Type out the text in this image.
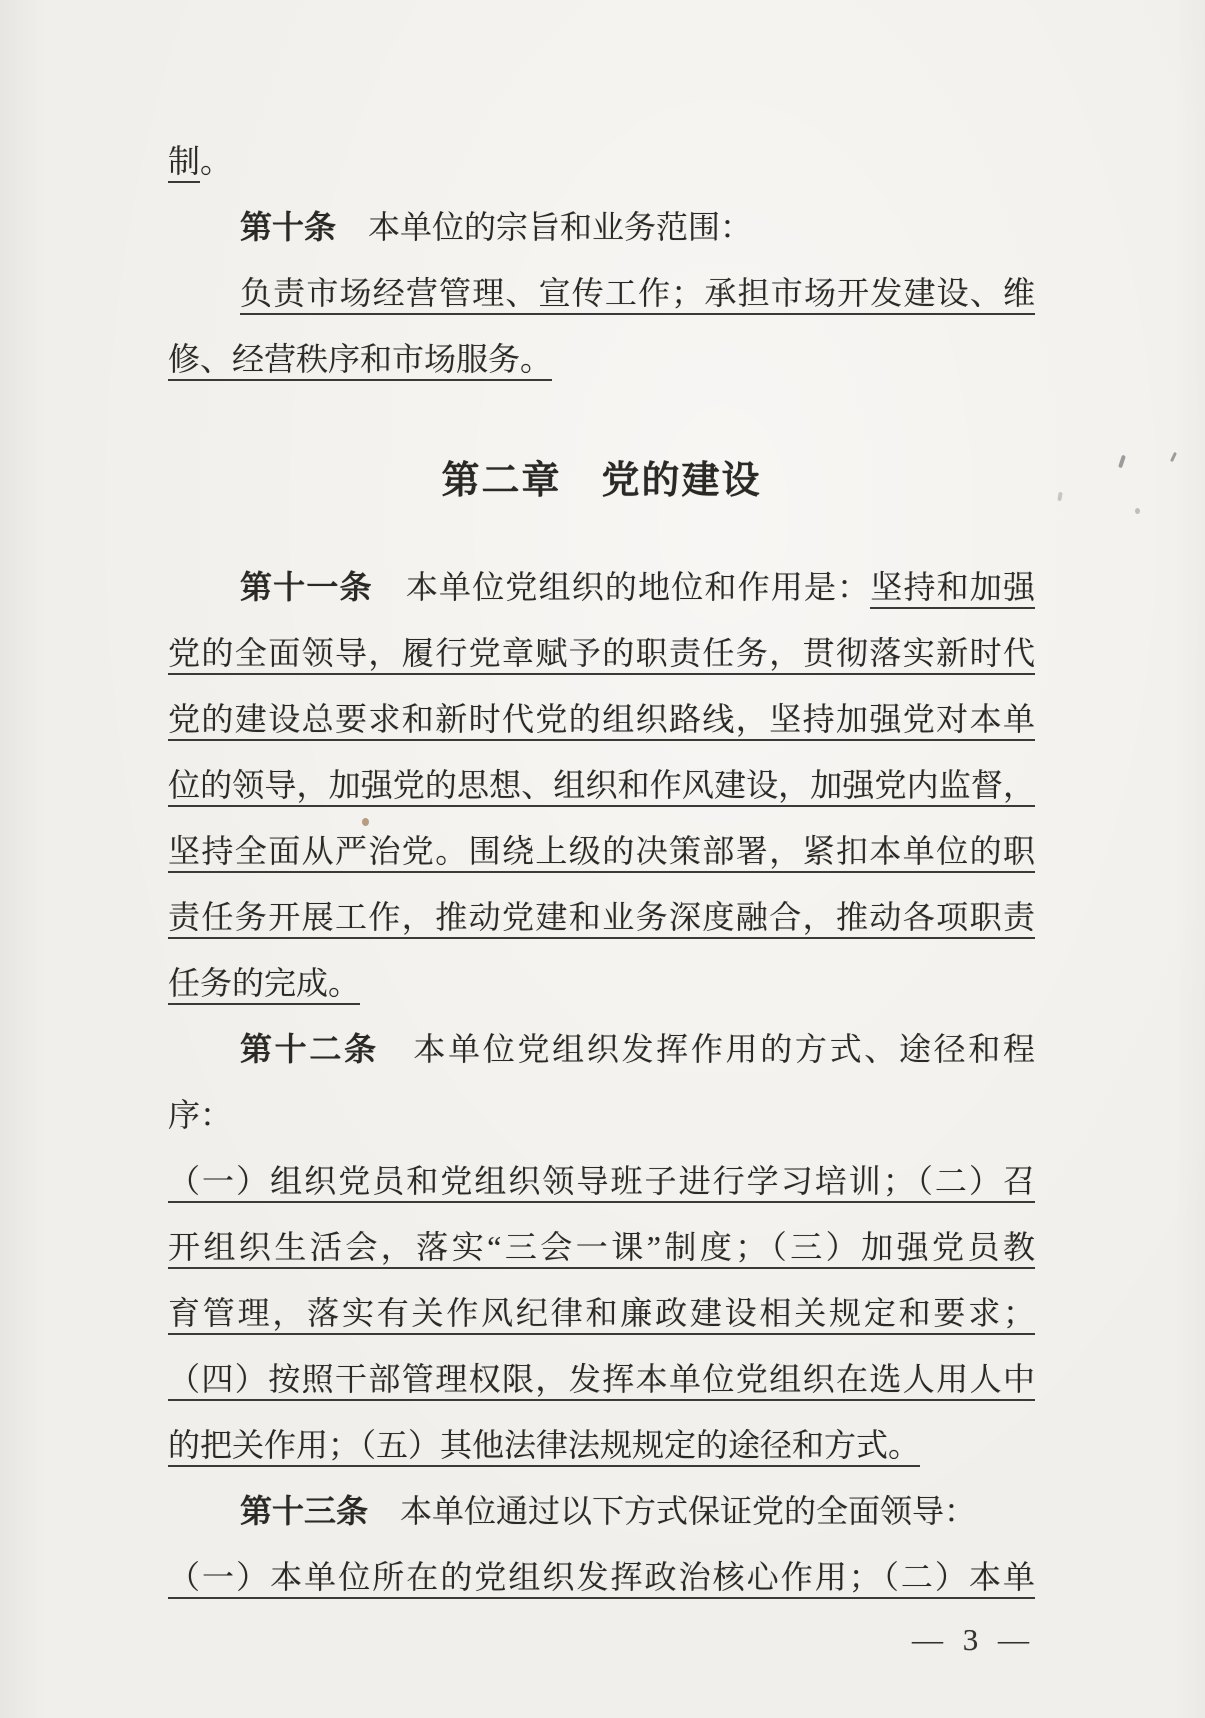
制。
第十条　本单位的宗旨和业务范围：
负责市场经营管理、宣传工作；承担市场开发建设、维
修、经营秩序和市场服务。
第二章　党的建设
第十一条　本单位党组织的地位和作用是：坚持和加强
党的全面领导，履行党章赋予的职责任务，贯彻落实新时代
党的建设总要求和新时代党的组织路线，坚持加强党对本单
位的领导，加强党的思想、组织和作风建设，加强党内监督，
坚持全面从严治党。围绕上级的决策部署，紧扣本单位的职
责任务开展工作，推动党建和业务深度融合，推动各项职责
任务的完成。
第十二条　本单位党组织发挥作用的方式、途径和程
序：
（一）组织党员和党组织领导班子进行学习培训；（二）召
开组织生活会，落实“三会一课”制度；（三）加强党员教
育管理，落实有关作风纪律和廉政建设相关规定和要求；
（四）按照干部管理权限，发挥本单位党组织在选人用人中
的把关作用；（五）其他法律法规规定的途径和方式。
第十三条　本单位通过以下方式保证党的全面领导：
（一）本单位所在的党组织发挥政治核心作用；（二）本单
— 3 —
